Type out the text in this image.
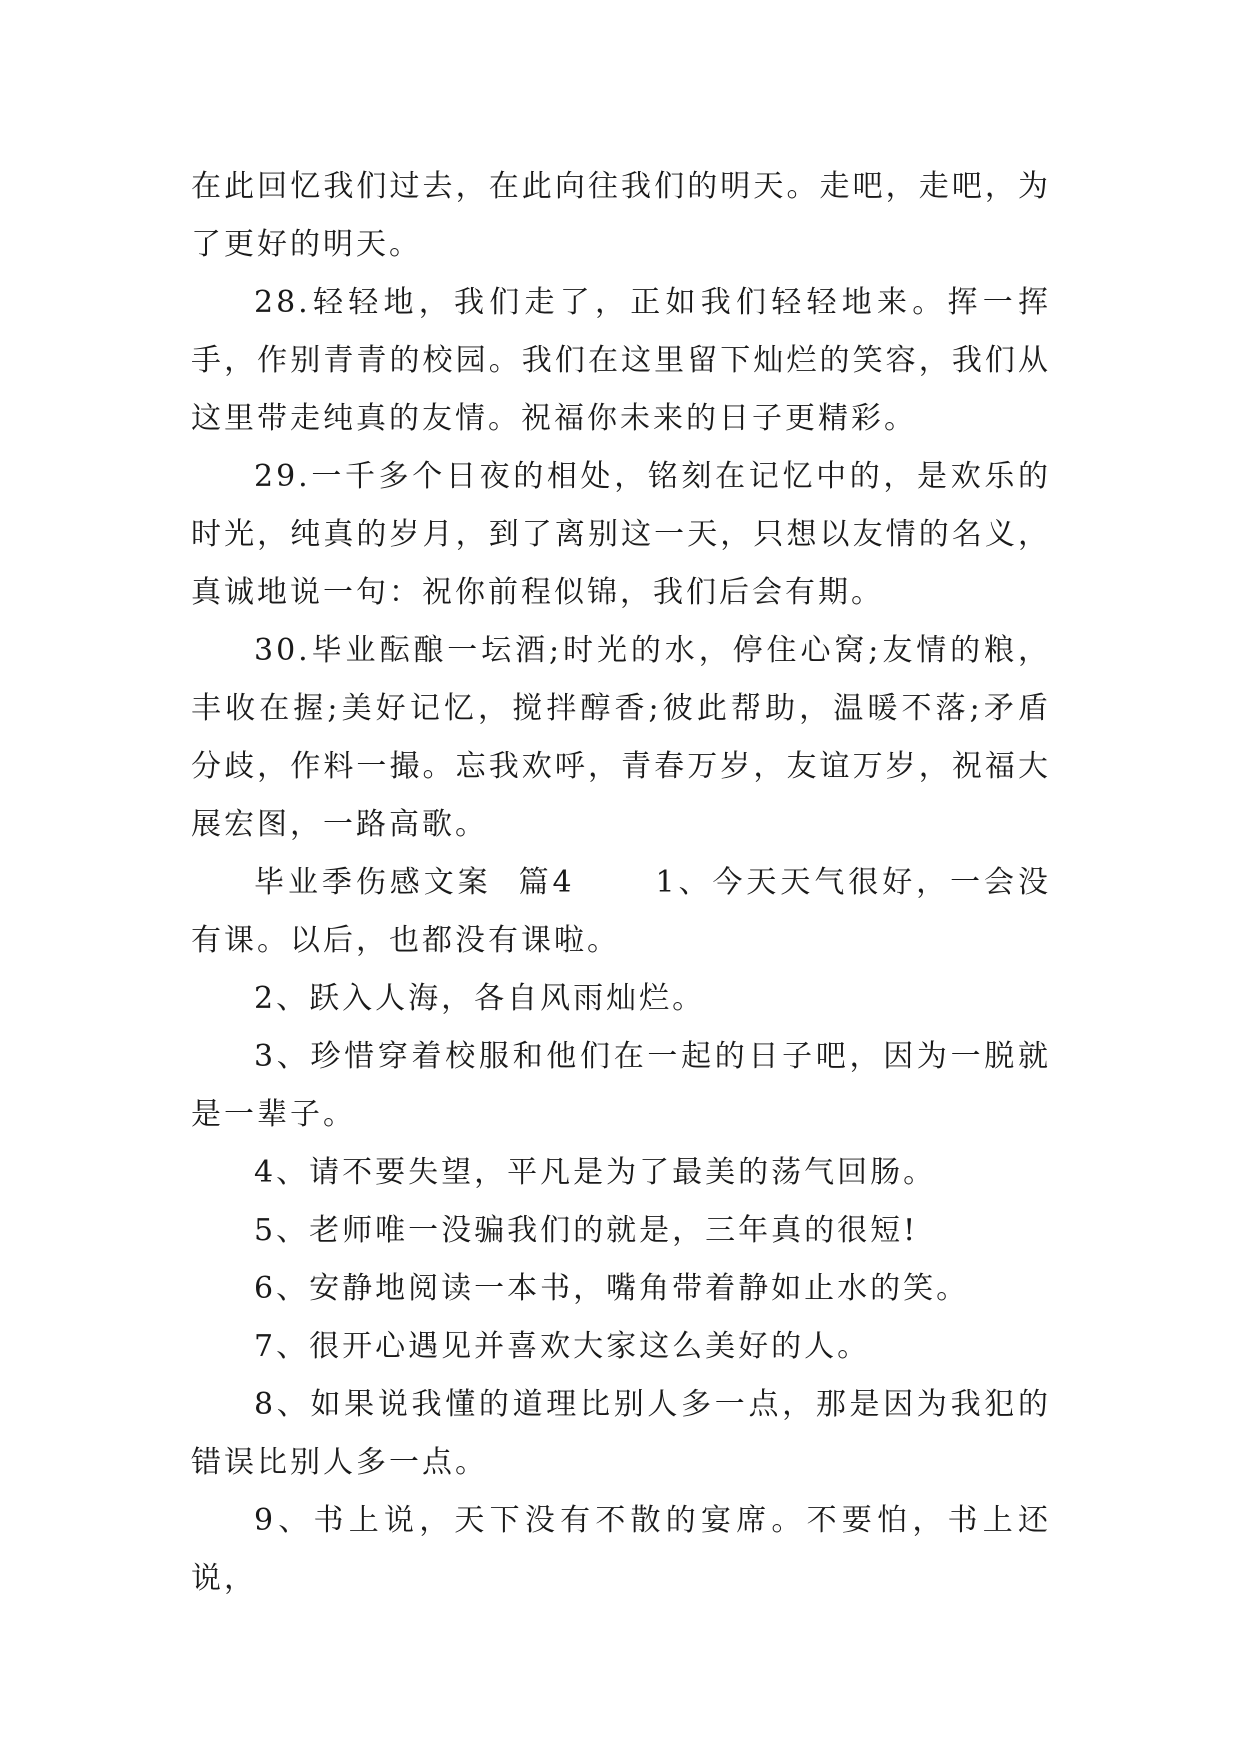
在此回忆我们过去，在此向往我们的明天。走吧，走吧，为了更好的明天。

28.轻轻地，我们走了，正如我们轻轻地来。挥一挥手，作别青青的校园。我们在这里留下灿烂的笑容，我们从这里带走纯真的友情。祝福你未来的日子更精彩。

29.一千多个日夜的相处，铭刻在记忆中的，是欢乐的时光，纯真的岁月，到了离别这一天，只想以友情的名义，真诚地说一句：祝你前程似锦，我们后会有期。

30.毕业酝酿一坛酒;时光的水，停住心窝;友情的粮，丰收在握;美好记忆，搅拌醇香;彼此帮助，温暖不落;矛盾分歧，作料一撮。忘我欢呼，青春万岁，友谊万岁，祝福大展宏图，一路高歌。

毕业季伤感文案  篇4      1、今天天气很好，一会没有课。以后，也都没有课啦。

2、跃入人海，各自风雨灿烂。

3、珍惜穿着校服和他们在一起的日子吧，因为一脱就是一辈子。

4、请不要失望，平凡是为了最美的荡气回肠。

5、老师唯一没骗我们的就是，三年真的很短!

6、安静地阅读一本书，嘴角带着静如止水的笑。

7、很开心遇见并喜欢大家这么美好的人。

8、如果说我懂的道理比别人多一点，那是因为我犯的错误比别人多一点。

9、书上说，天下没有不散的宴席。不要怕，书上还说，
